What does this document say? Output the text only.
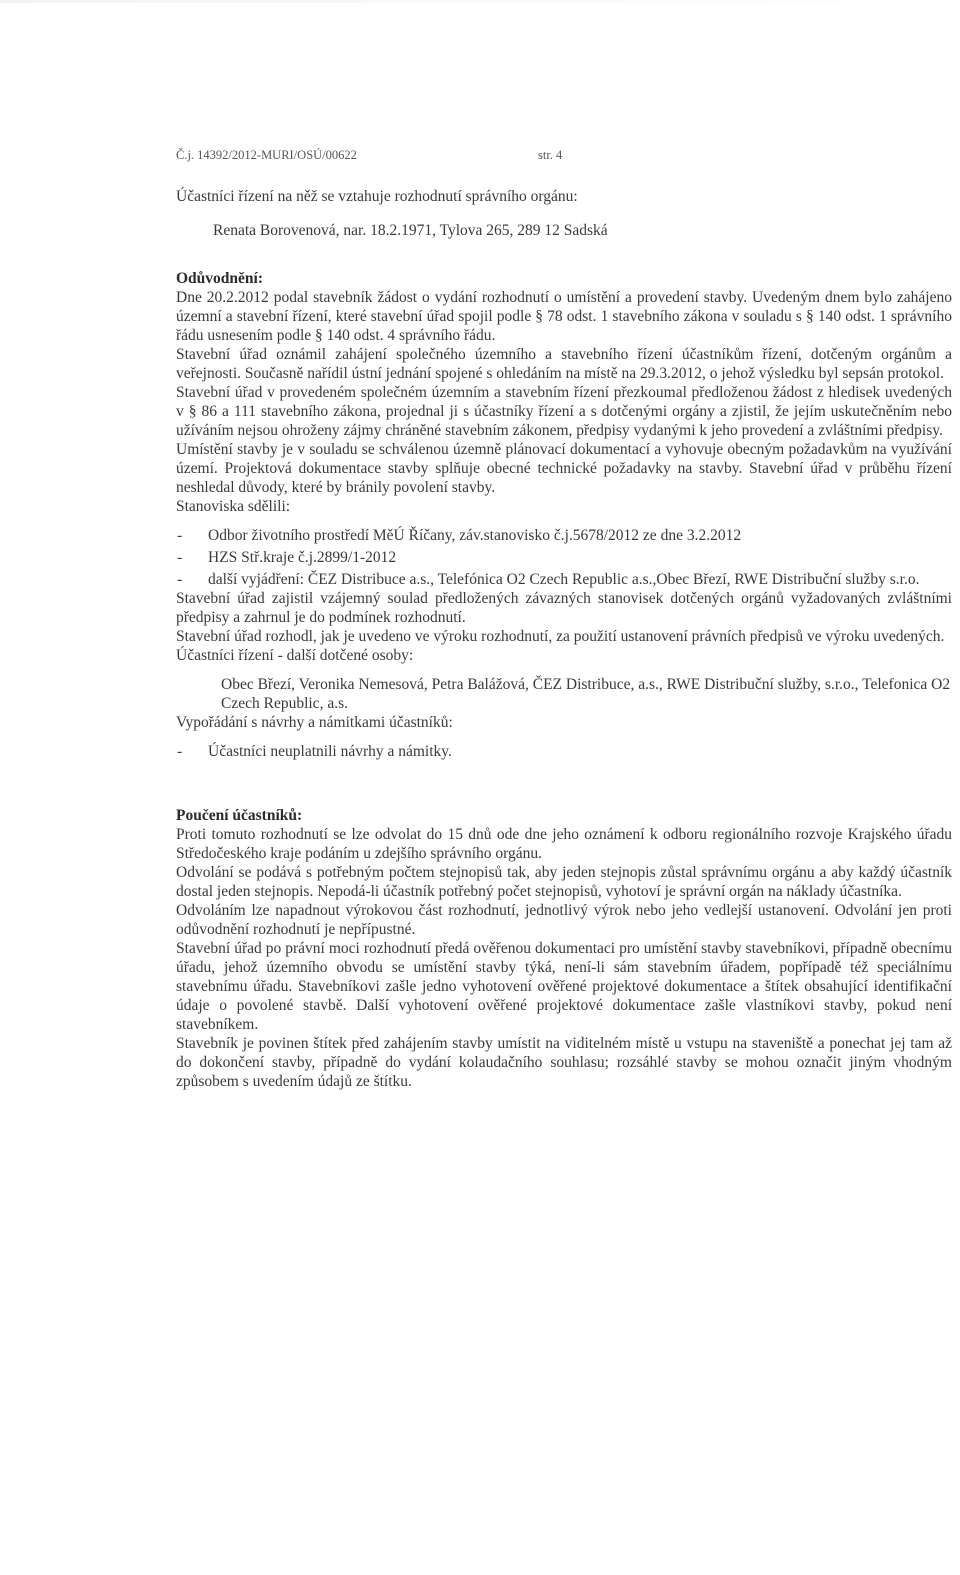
Č.j. 14392/2012-MURI/OSÚ/00622	str. 4
Účastníci řízení na něž se vztahuje rozhodnutí správního orgánu:
Renata Borovenová, nar. 18.2.1971, Tylova 265, 289 12 Sadská
Odůvodnění:

Dne 20.2.2012 podal stavebník žádost o vydání rozhodnutí o umístění a provedení stavby. Uvedeným dnem bylo zahájeno územní a stavební řízení, které stavební úřad spojil podle § 78 odst. 1 stavebního zákona v souladu s § 140 odst. 1 správního řádu usnesením podle § 140 odst. 4 správního řádu.

Stavební úřad oznámil zahájení společného územního a stavebního řízení účastníkům řízení, dotčeným orgánům a veřejnosti. Současně nařídil ústní jednání spojené s ohledáním na místě na 29.3.2012, o jehož výsledku byl sepsán protokol.

Stavební úřad v provedeném společném územním a stavebním řízení přezkoumal předloženou žádost z hledisek uvedených v § 86 a 111 stavebního zákona, projednal ji s účastníky řízení a s dotčenými orgány a zjistil, že jejím uskutečněním nebo užíváním nejsou ohroženy zájmy chráněné stavebním zákonem, předpisy vydanými k jeho provedení a zvláštními předpisy.

Umístění stavby je v souladu se schválenou územně plánovací dokumentací a vyhovuje obecným požadavkům na využívání území. Projektová dokumentace stavby splňuje obecné technické požadavky na stavby. Stavební úřad v průběhu řízení neshledal důvody, které by bránily povolení stavby.

Stanoviska sdělili:

-	Odbor životního prostředí MěÚ Říčany, záv.stanovisko č.j.5678/2012 ze dne 3.2.2012
-	HZS Stř.kraje č.j.2899/1-2012
-	další vyjádření: ČEZ Distribuce a.s., Telefónica O2 Czech Republic a.s.,Obec Březí, RWE Distribuční služby s.r.o.

Stavební úřad zajistil vzájemný soulad předložených závazných stanovisek dotčených orgánů vyžadovaných zvláštními předpisy a zahrnul je do podmínek rozhodnutí.

Stavební úřad rozhodl, jak je uvedeno ve výroku rozhodnutí, za použití ustanovení právních předpisů ve výroku uvedených.

Účastníci řízení - další dotčené osoby:

Obec Březí, Veronika Nemesová, Petra Balážová, ČEZ Distribuce, a.s., RWE Distribuční služby, s.r.o., Telefonica O2 Czech Republic, a.s.

Vypořádání s návrhy a námitkami účastníků:

-	Účastníci neuplatnili návrhy a námitky.
Poučení účastníků:

Proti tomuto rozhodnutí se lze odvolat do 15 dnů ode dne jeho oznámení k odboru regionálního rozvoje Krajského úřadu Středočeského kraje podáním u zdejšího správního orgánu.

Odvolání se podává s potřebným počtem stejnopisů tak, aby jeden stejnopis zůstal správnímu orgánu a aby každý účastník dostal jeden stejnopis. Nepodá-li účastník potřebný počet stejnopisů, vyhotoví je správní orgán na náklady účastníka.

Odvoláním lze napadnout výrokovou část rozhodnutí, jednotlivý výrok nebo jeho vedlejší ustanovení. Odvolání jen proti odůvodnění rozhodnutí je nepřípustné.

Stavební úřad po právní moci rozhodnutí předá ověřenou dokumentaci pro umístění stavby stavebníkovi, případně obecnímu úřadu, jehož územního obvodu se umístění stavby týká, není-li sám stavebním úřadem, popřípadě též speciálnímu stavebnímu úřadu. Stavebníkovi zašle jedno vyhotovení ověřené projektové dokumentace a štítek obsahující identifikační údaje o povolené stavbě. Další vyhotovení ověřené projektové dokumentace zašle vlastníkovi stavby, pokud není stavebníkem.

Stavebník je povinen štítek před zahájením stavby umístit na viditelném místě u vstupu na staveniště a ponechat jej tam až do dokončení stavby, případně do vydání kolaudačního souhlasu; rozsáhlé stavby se mohou označit jiným vhodným způsobem s uvedením údajů ze štítku.
